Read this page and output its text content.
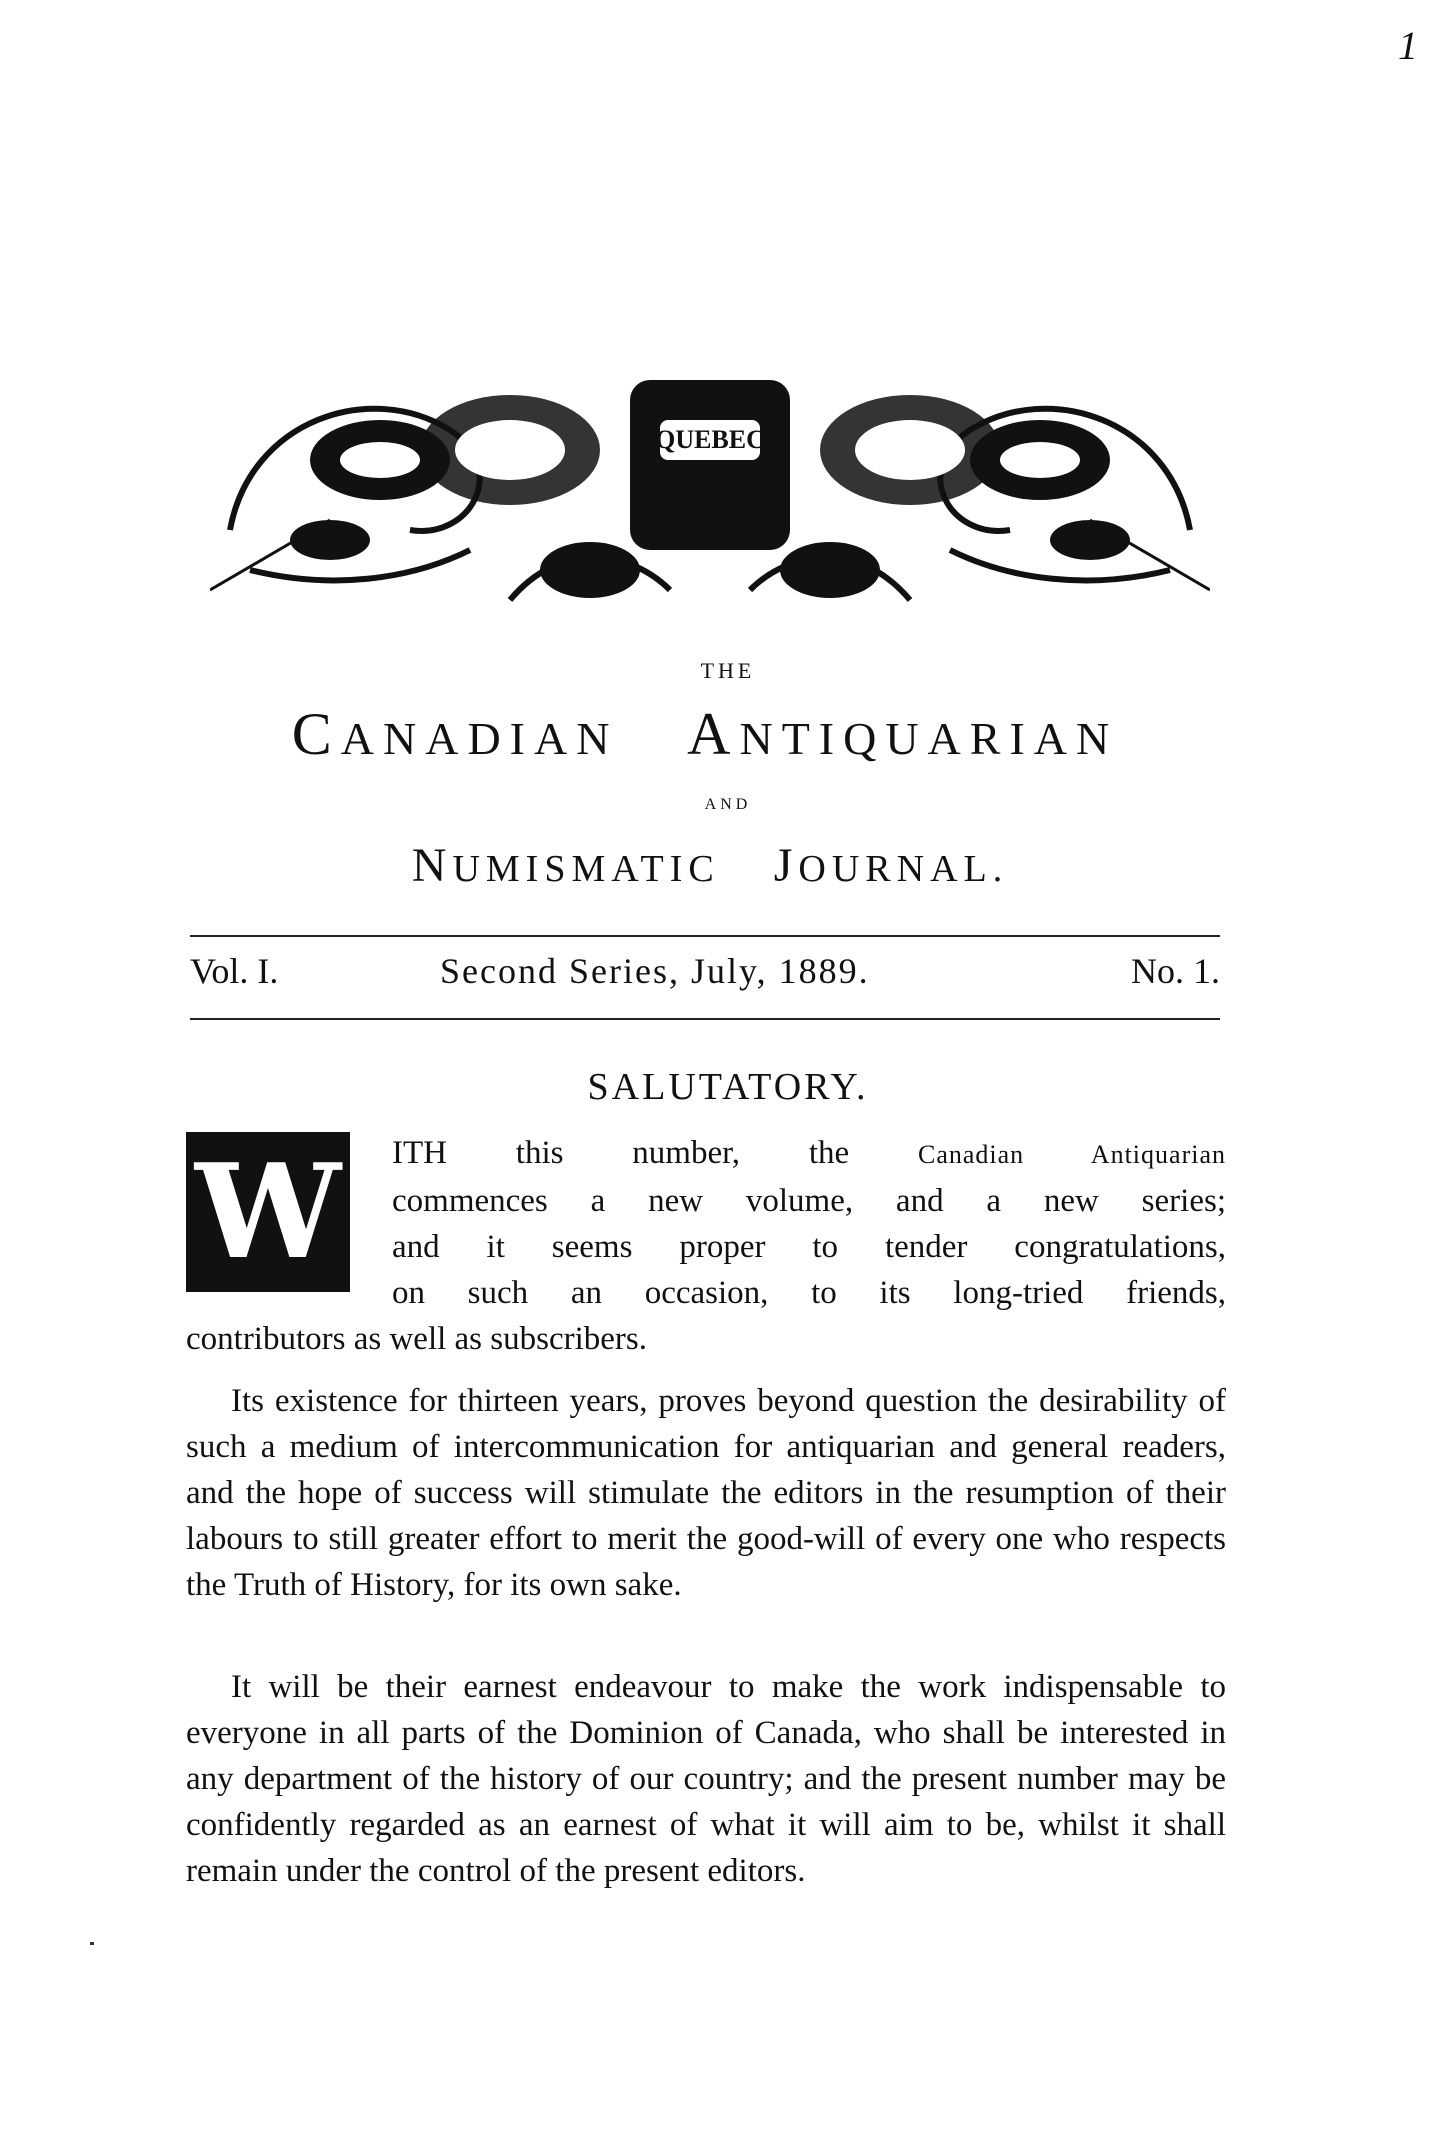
1
QUEBEC
THE
CANADIAN ANTIQUARIAN
AND
NUMISMATIC JOURNAL.
Vol. I.	Second Series, July, 1889.	No. 1.
SALUTATORY.
W	ITH this number, the Canadian Antiquarian
commences a new volume, and a new series;
and it seems proper to tender congratulations,
on such an occasion, to its long-tried friends,
contributors as well as subscribers.
Its existence for thirteen years, proves beyond question the desirability of such a medium of intercommunication for antiquarian and general readers, and the hope of success will stimulate the editors in the resumption of their labours to still greater effort to merit the good-will of every one who respects the Truth of History, for its own sake.
It will be their earnest endeavour to make the work indispensable to everyone in all parts of the Dominion of Canada, who shall be interested in any department of the history of our country; and the present number may be confidently regarded as an earnest of what it will aim to be, whilst it shall remain under the control of the present editors.
